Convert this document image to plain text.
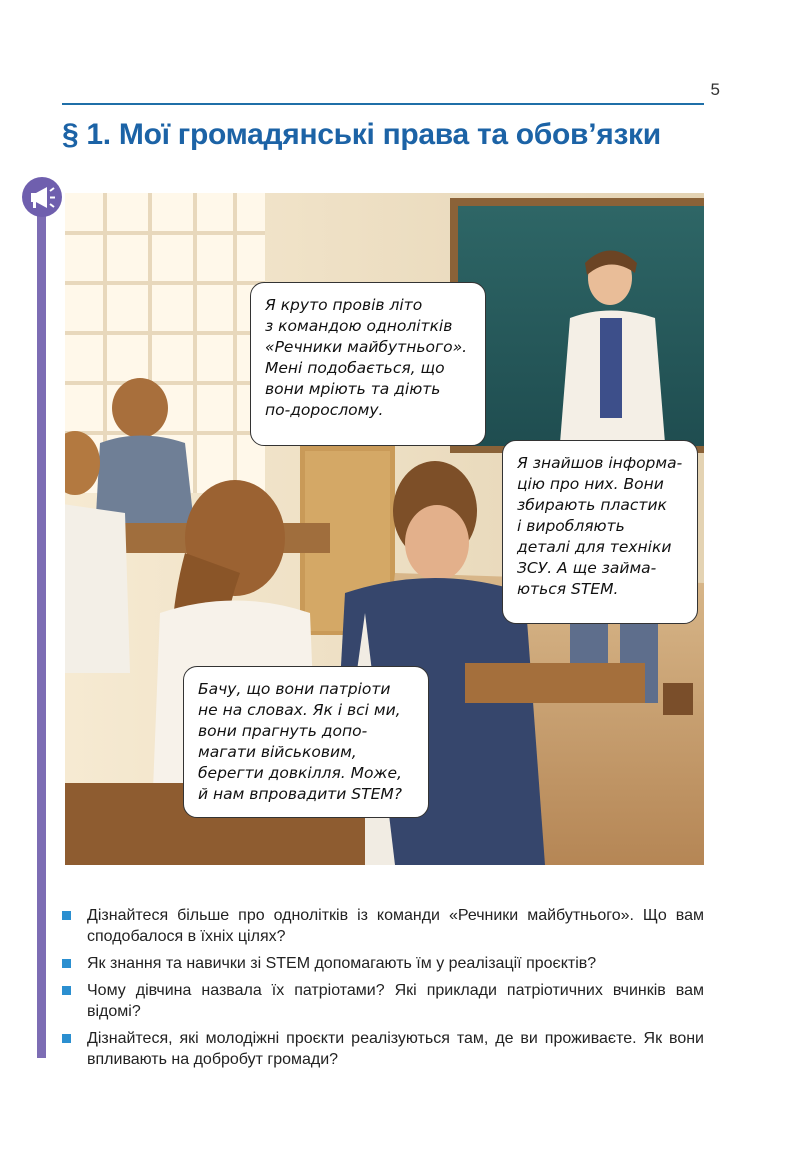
5
§ 1. Мої громадянські права та обов’язки
Я круто провів літо
з командою однолітків
«Речники майбутнього».
Мені подобається, що
вони мріють та діють
по-дорослому.
Я знайшов інформа-
цію про них. Вони
збирають пластик
і виробляють
деталі для техніки
ЗСУ. А ще займа-
ються STEM.
Бачу, що вони патріоти
не на словах. Як і всі ми,
вони прагнуть допо-
магати військовим,
берегти довкілля. Може,
й нам впровадити STEM?
Дізнайтеся більше про однолітків із команди «Речники майбутнього». Що вам сподобалося в їхніх цілях?
Як знання та навички зі STEM допомагають їм у реалізації проєктів?
Чому дівчина назвала їх патріотами? Які приклади патріотичних вчинків вам відомі?
Дізнайтеся, які молодіжні проєкти реалізуються там, де ви проживаєте. Як вони впливають на добробут громади?
